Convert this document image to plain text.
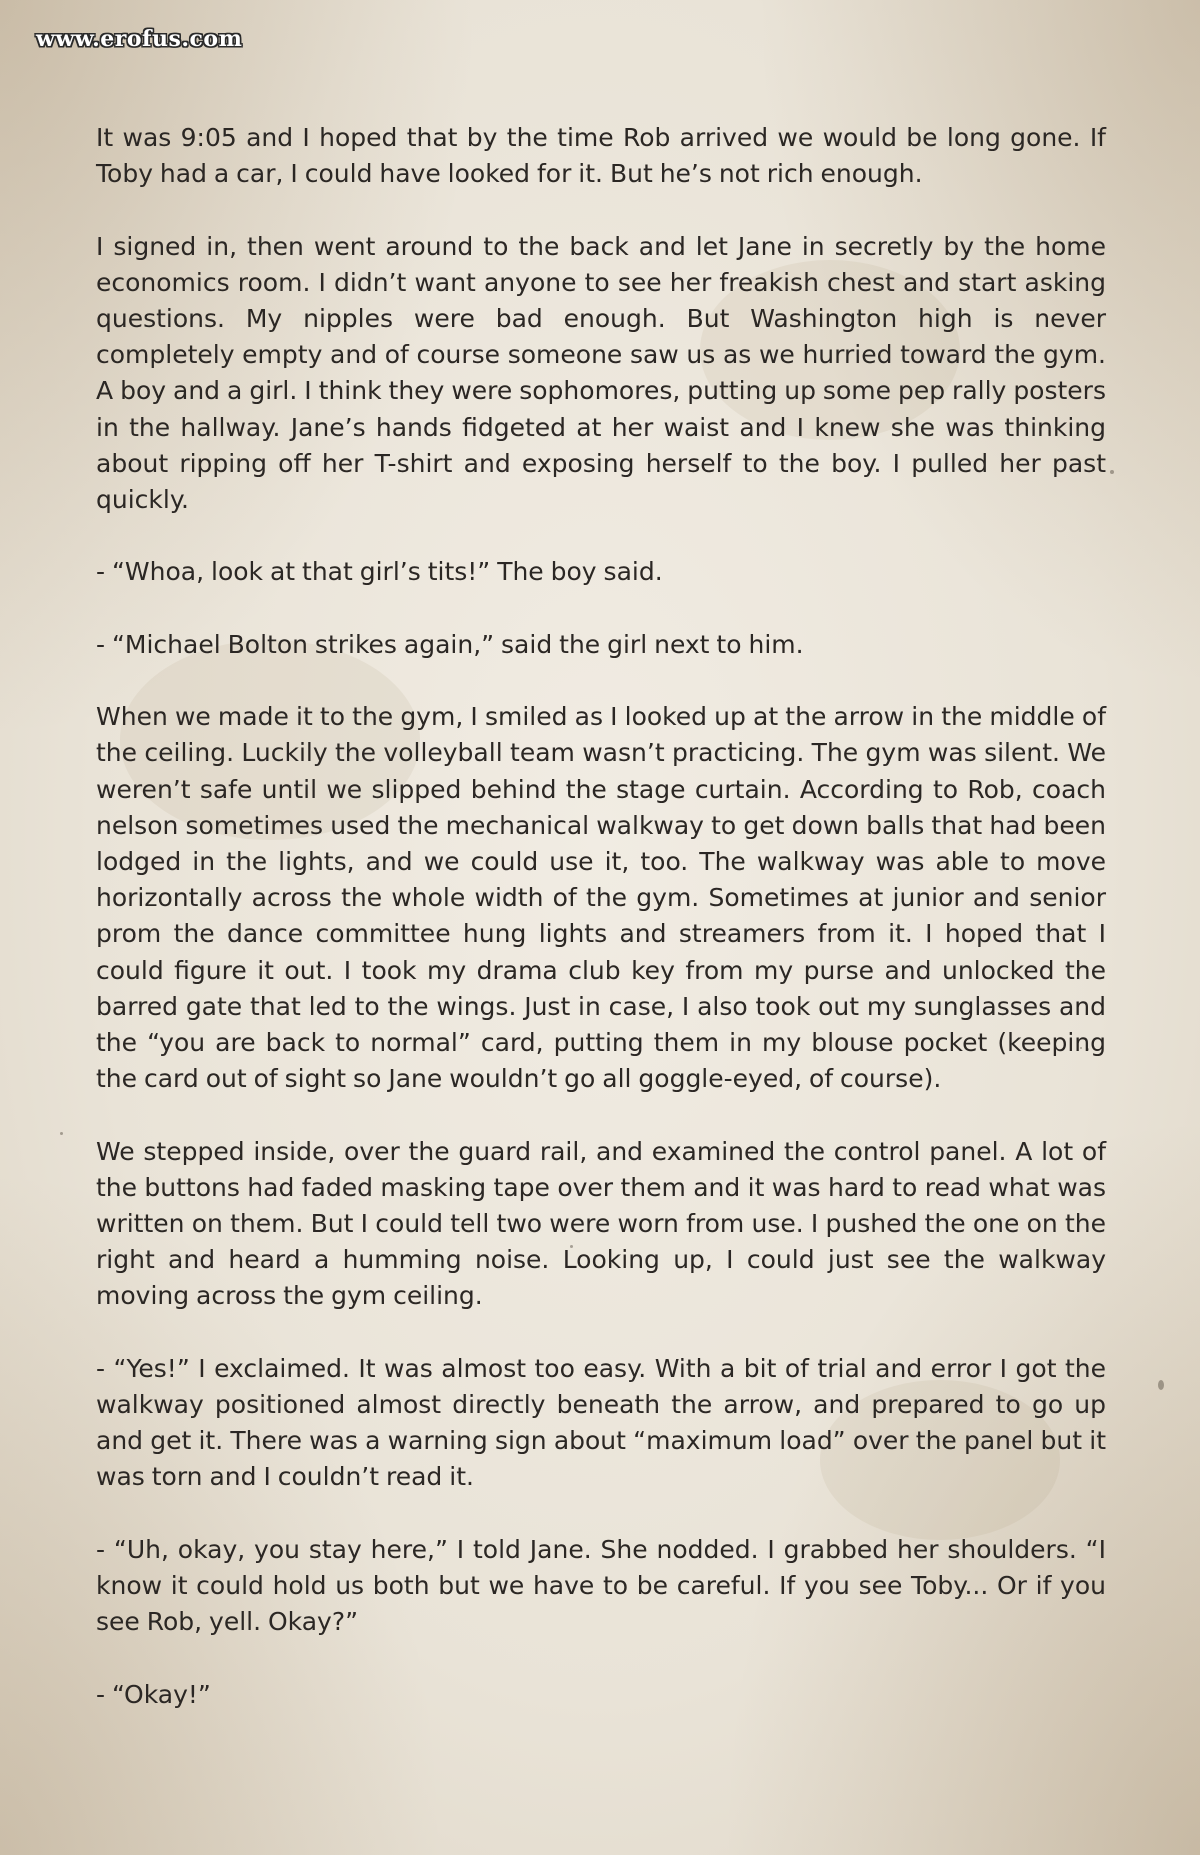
www.erofus.com

It was 9:05 and I hoped that by the time Rob arrived we would be long gone. If Toby had a car, I could have looked for it. But he’s not rich enough.

I signed in, then went around to the back and let Jane in secretly by the home economics room. I didn’t want anyone to see her freakish chest and start asking questions. My nipples were bad enough. But Washington high is never completely empty and of course someone saw us as we hurried toward the gym. A boy and a girl. I think they were sophomores, putting up some pep rally posters in the hallway. Jane’s hands fidgeted at her waist and I knew she was thinking about ripping off her T-shirt and exposing herself to the boy. I pulled her past quickly.

- “Whoa, look at that girl’s tits!” The boy said.

- “Michael Bolton strikes again,” said the girl next to him.

When we made it to the gym, I smiled as I looked up at the arrow in the middle of the ceiling. Luckily the volleyball team wasn’t practicing. The gym was silent. We weren’t safe until we slipped behind the stage curtain. According to Rob, coach nelson sometimes used the mechanical walkway to get down balls that had been lodged in the lights, and we could use it, too. The walkway was able to move horizontally across the whole width of the gym. Sometimes at junior and senior prom the dance committee hung lights and streamers from it. I hoped that I could figure it out. I took my drama club key from my purse and unlocked the barred gate that led to the wings. Just in case, I also took out my sunglasses and the “you are back to normal” card, putting them in my blouse pocket (keeping the card out of sight so Jane wouldn’t go all goggle-eyed, of course).

We stepped inside, over the guard rail, and examined the control panel. A lot of the buttons had faded masking tape over them and it was hard to read what was written on them. But I could tell two were worn from use. I pushed the one on the right and heard a humming noise. Looking up, I could just see the walkway moving across the gym ceiling.

- “Yes!” I exclaimed. It was almost too easy. With a bit of trial and error I got the walkway positioned almost directly beneath the arrow, and prepared to go up and get it. There was a warning sign about “maximum load” over the panel but it was torn and I couldn’t read it.

- “Uh, okay, you stay here,” I told Jane. She nodded. I grabbed her shoulders. “I know it could hold us both but we have to be careful. If you see Toby... Or if you see Rob, yell. Okay?”

- “Okay!”
